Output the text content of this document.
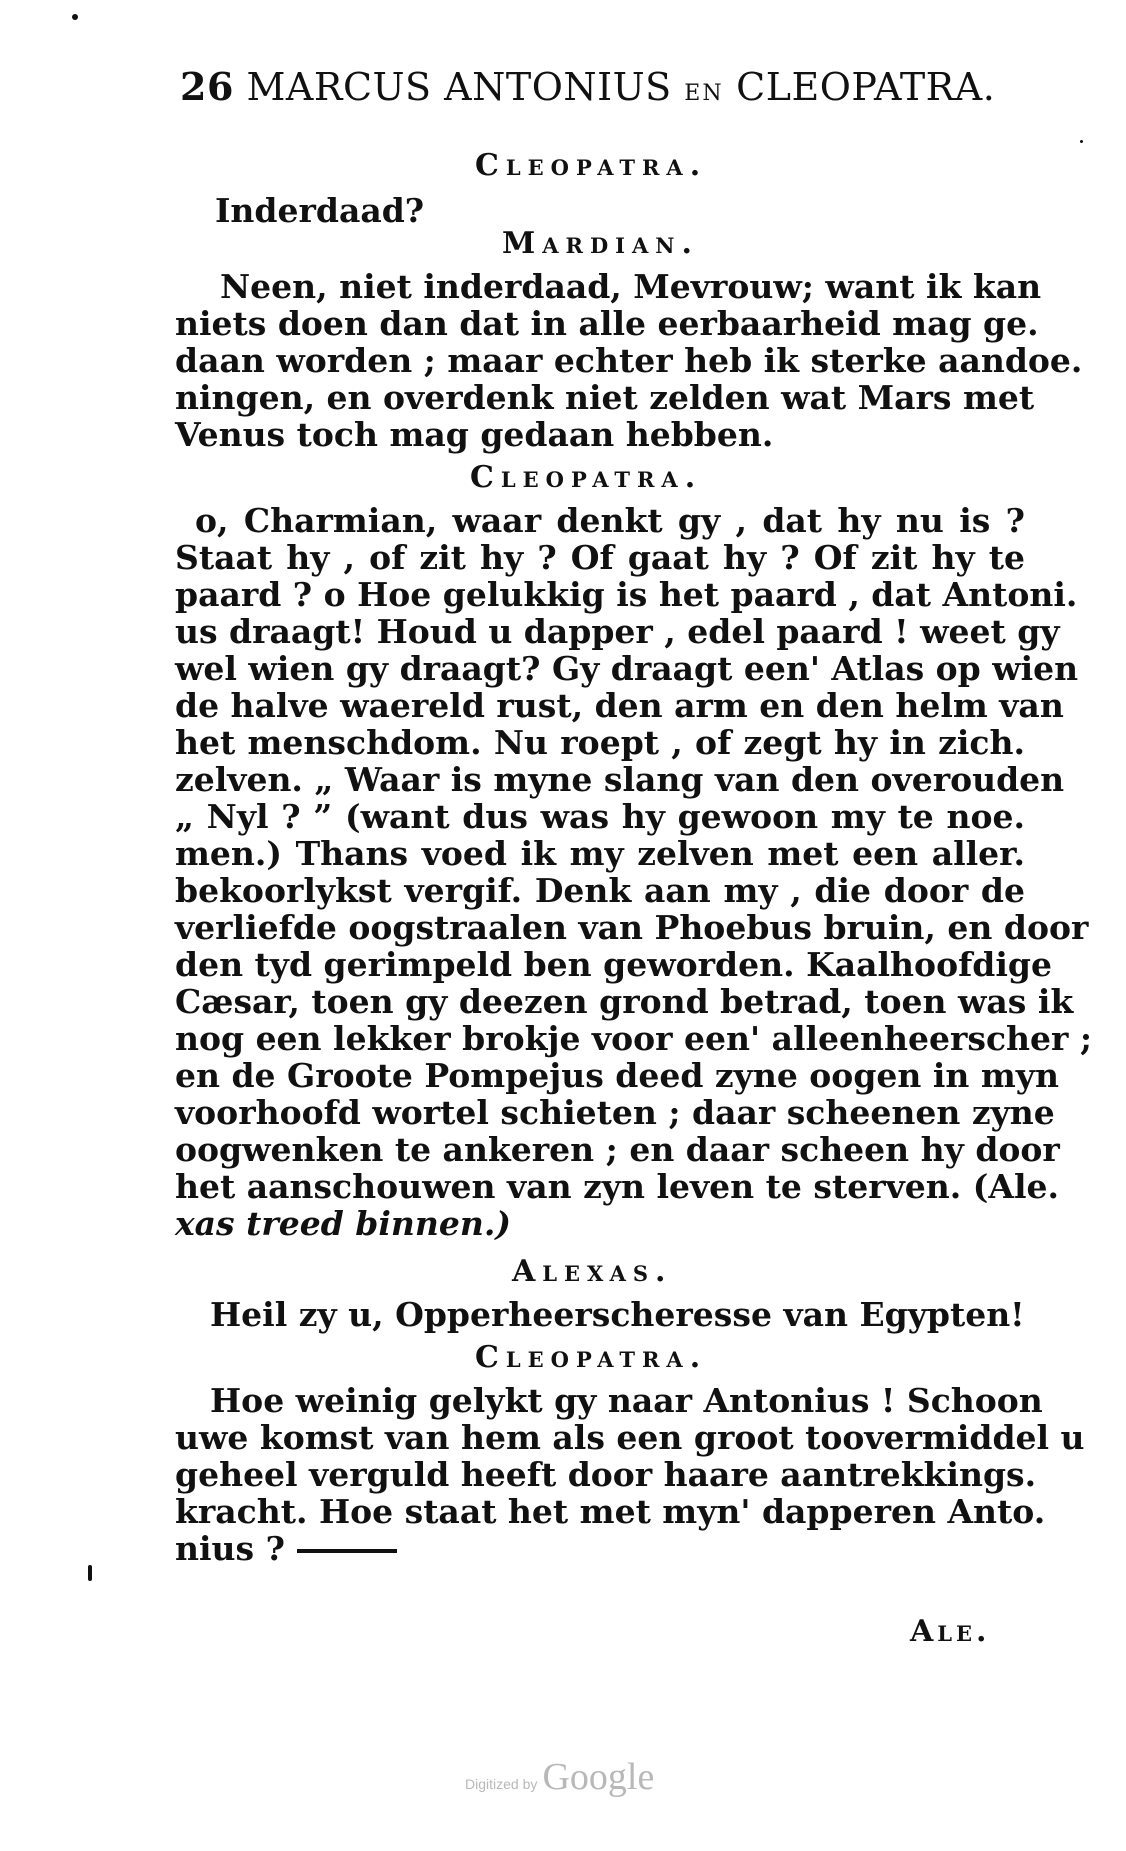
26 MARCUS ANTONIUS EN CLEOPATRA.
Cleopatra.
Inderdaad?
Mardian.
Neen, niet inderdaad, Mevrouw; want ik kan
niets doen dan dat in alle eerbaarheid mag ge.
daan worden ; maar echter heb ik sterke aandoe.
ningen, en overdenk niet zelden wat Mars met
Venus toch mag gedaan hebben.
Cleopatra.
o, Charmian, waar denkt gy , dat hy nu is ?
Staat hy , of zit hy ? Of gaat hy ? Of zit hy te
paard ? o Hoe gelukkig is het paard , dat Antoni.
us draagt! Houd u dapper , edel paard ! weet gy
wel wien gy draagt? Gy draagt een' Atlas op wien
de halve waereld rust, den arm en den helm van
het menschdom. Nu roept , of zegt hy in zich.
zelven. „ Waar is myne slang van den overouden
„ Nyl ? ” (want dus was hy gewoon my te noe.
men.) Thans voed ik my zelven met een aller.
bekoorlykst vergif. Denk aan my , die door de
verliefde oogstraalen van Phoebus bruin, en door
den tyd gerimpeld ben geworden. Kaalhoofdige
Cæsar, toen gy deezen grond betrad, toen was ik
nog een lekker brokje voor een' alleenheerscher ;
en de Groote Pompejus deed zyne oogen in myn
voorhoofd wortel schieten ; daar scheenen zyne
oogwenken te ankeren ; en daar scheen hy door
het aanschouwen van zyn leven te sterven. (Ale.
xas treed binnen.)
Alexas.
Heil zy u, Opperheerscheresse van Egypten!
Cleopatra.
Hoe weinig gelykt gy naar Antonius ! Schoon
uwe komst van hem als een groot toovermiddel u
geheel verguld heeft door haare aantrekkings.
kracht. Hoe staat het met myn' dapperen Anto.
nius ?
Ale.
Digitized by Google
